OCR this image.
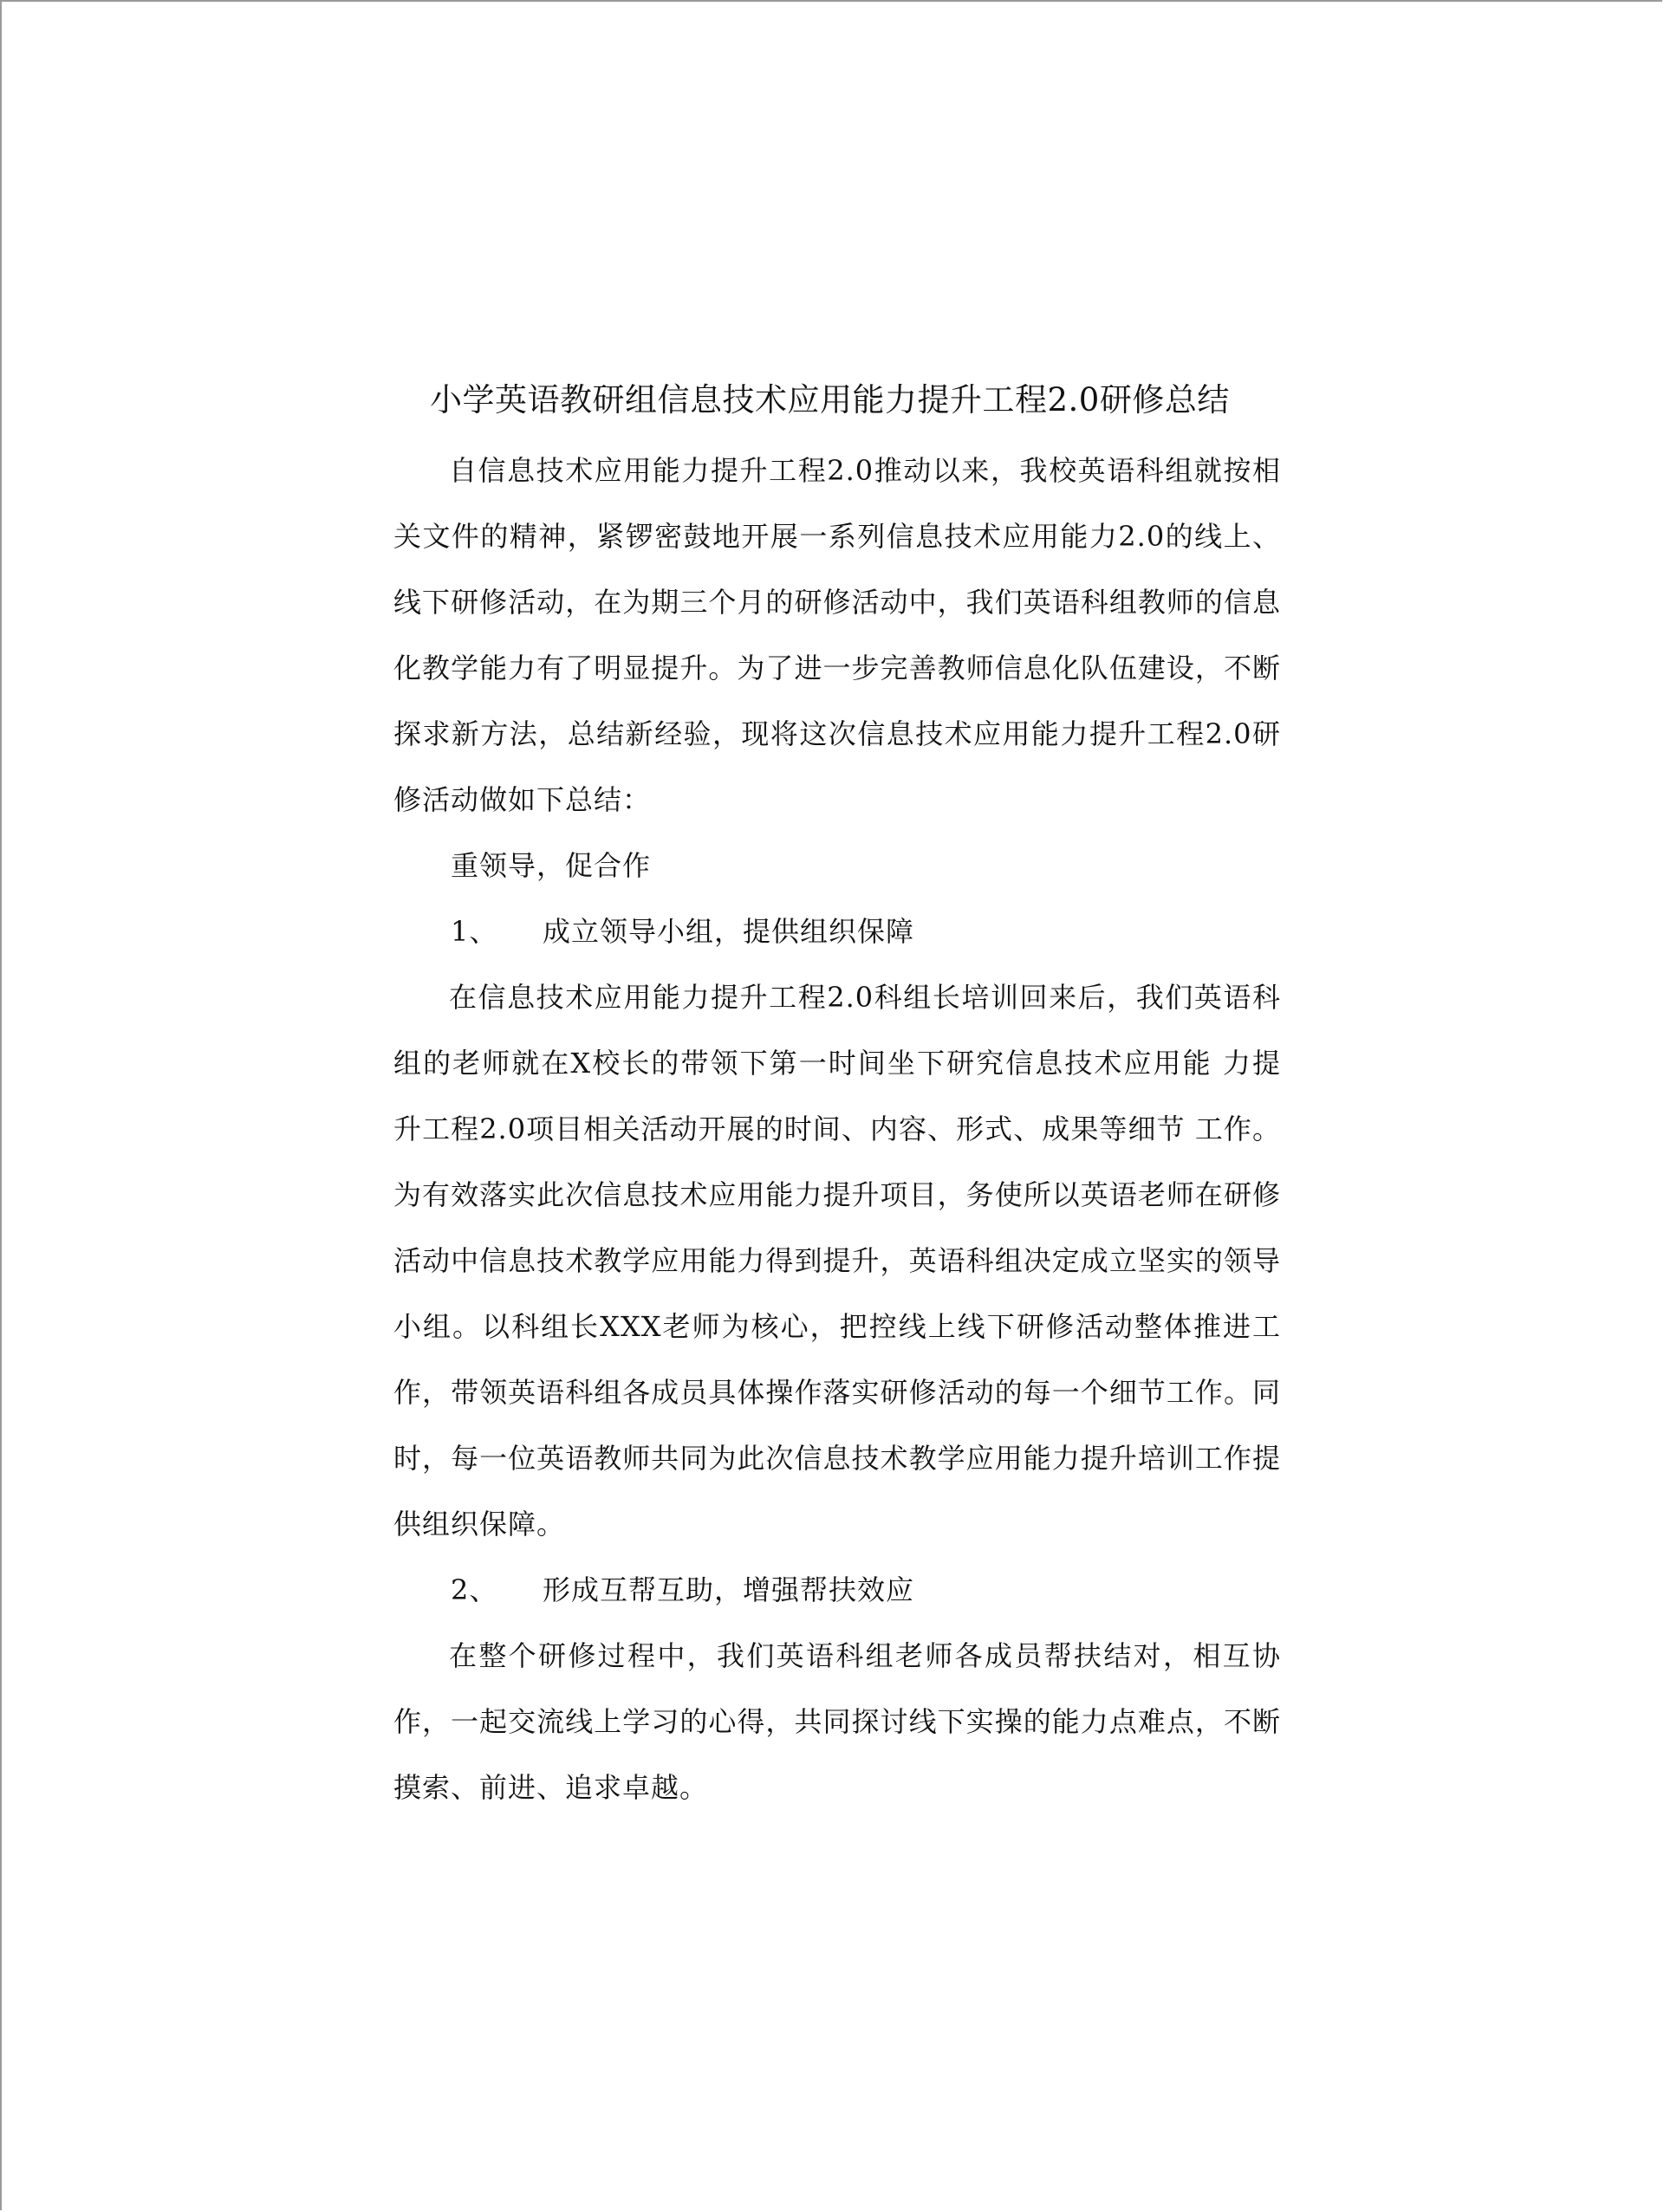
小学英语教研组信息技术应用能力提升工程2.0研修总结

自信息技术应用能力提升工程2.0推动以来，我校英语科组就按相关文件的精神，紧锣密鼓地开展一系列信息技术应用能力2.0的线上、线下研修活动，在为期三个月的研修活动中，我们英语科组教师的信息化教学能力有了明显提升。为了进一步完善教师信息化队伍建设，不断探求新方法，总结新经验，现将这次信息技术应用能力提升工程2.0研修活动做如下总结：

重领导，促合作

1、 成立领导小组，提供组织保障

在信息技术应用能力提升工程2.0科组长培训回来后，我们英语科组的老师就在X校长的带领下第一时间坐下研究信息技术应用能 力提升工程2.0项目相关活动开展的时间、内容、形式、成果等细节 工作。为有效落实此次信息技术应用能力提升项目，务使所以英语老师在研修活动中信息技术教学应用能力得到提升，英语科组决定成立坚实的领导小组。以科组长XXX老师为核心，把控线上线下研修活动整体推进工作，带领英语科组各成员具体操作落实研修活动的每一个细节工作。同时，每一位英语教师共同为此次信息技术教学应用能力提升培训工作提供组织保障。

2、 形成互帮互助，增强帮扶效应

在整个研修过程中，我们英语科组老师各成员帮扶结对，相互协作，一起交流线上学习的心得，共同探讨线下实操的能力点难点，不断摸索、前进、追求卓越。
